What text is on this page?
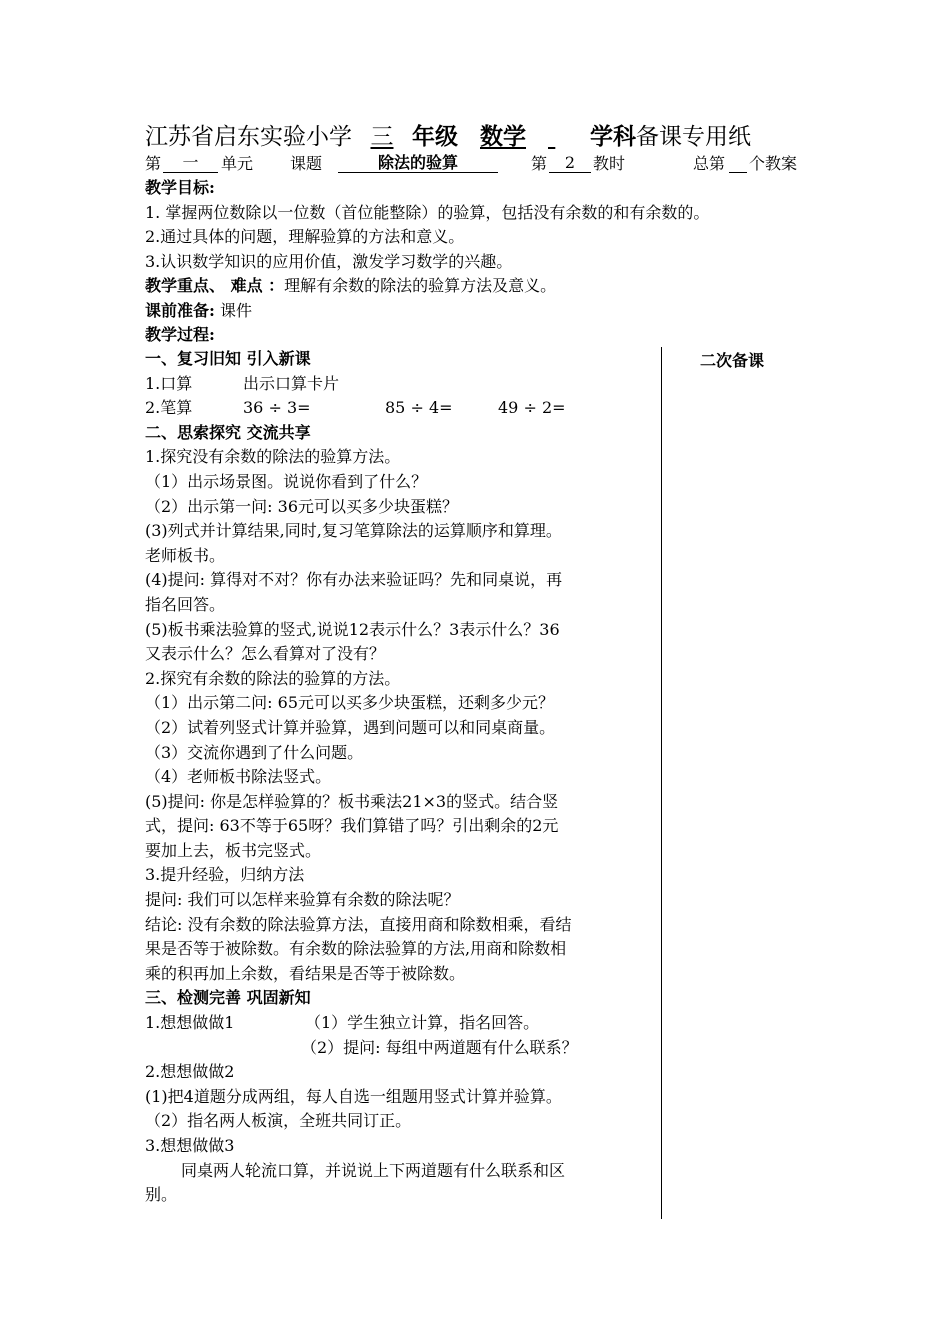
江苏省启东实验小学 三 年级 数学	学科备课专用纸
第	一	单元 课题	除法的验算	第	2	教时	总第 个教案
教学目标:
1. 掌握两位数除以一位数（首位能整除）的验算，包括没有余数的和有余数的。
2.通过具体的问题，理解验算的方法和意义。
3.认识数学知识的应用价值，激发学习数学的兴趣。
教学重点、 难点 ：理解有余数的除法的验算方法及意义。
课前准备: 课件
教学过程:
一、复习旧知 引入新课
1.口算	出示口算卡片
2.笔算	36 ÷ 3=	85 ÷ 4=	49 ÷ 2=
二、思索探究 交流共享
1.探究没有余数的除法的验算方法。
（1）出示场景图。说说你看到了什么？
（2）出示第一问: 36元可以买多少块蛋糕？
(3)列式并计算结果,同时,复习笔算除法的运算顺序和算理。
老师板书。
(4)提问: 算得对不对？你有办法来验证吗？先和同桌说，再
指名回答。
(5)板书乘法验算的竖式,说说12表示什么？3表示什么？36
又表示什么？怎么看算对了没有？
2.探究有余数的除法的验算的方法。
（1）出示第二问: 65元可以买多少块蛋糕，还剩多少元？
（2）试着列竖式计算并验算，遇到问题可以和同桌商量。
（3）交流你遇到了什么问题。
（4）老师板书除法竖式。
(5)提问: 你是怎样验算的？板书乘法21×3的竖式。结合竖
式，提问: 63不等于65呀？我们算错了吗？引出剩余的2元
要加上去，板书完竖式。
3.提升经验，归纳方法
提问: 我们可以怎样来验算有余数的除法呢？
结论: 没有余数的除法验算方法，直接用商和除数相乘，看结
果是否等于被除数。有余数的除法验算的方法,用商和除数相
乘的积再加上余数，看结果是否等于被除数。
三、检测完善 巩固新知
1.想想做做1	（1）学生独立计算，指名回答。
（2）提问: 每组中两道题有什么联系？
2.想想做做2
(1)把4道题分成两组，每人自选一组题用竖式计算并验算。
（2）指名两人板演，全班共同订正。
3.想想做做3
同桌两人轮流口算，并说说上下两道题有什么联系和区
别。
二次备课
